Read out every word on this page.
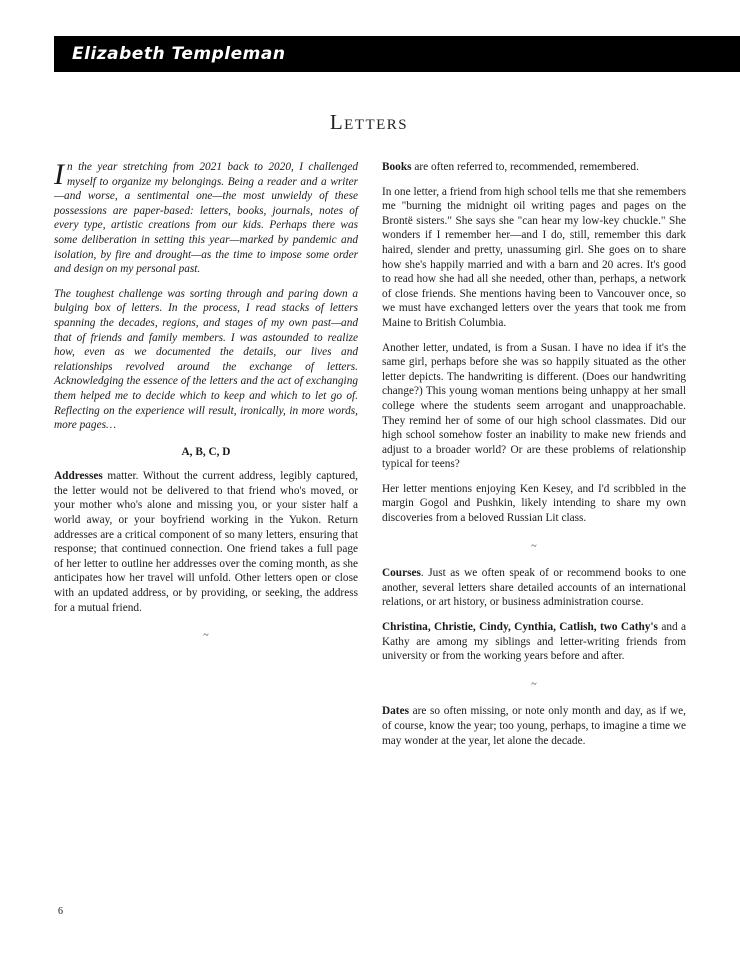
Elizabeth Templeman
Letters

In the year stretching from 2021 back to 2020, I challenged myself to organize my belongings. Being a reader and a writer—and worse, a sentimental one—the most unwieldy of these possessions are paper-based: letters, books, journals, notes of every type, artistic creations from our kids. Perhaps there was some deliberation in setting this year—marked by pandemic and isolation, by fire and drought—as the time to impose some order and design on my personal past.

The toughest challenge was sorting through and paring down a bulging box of letters. In the process, I read stacks of letters spanning the decades, regions, and stages of my own past—and that of friends and family members. I was astounded to realize how, even as we documented the details, our lives and relationships revolved around the exchange of letters. Acknowledging the essence of the letters and the act of exchanging them helped me to decide which to keep and which to let go of. Reflecting on the experience will result, ironically, in more words, more pages…

A, B, C, D

Addresses matter. Without the current address, legibly captured, the letter would not be delivered to that friend who's moved, or your mother who's alone and missing you, or your sister half a world away, or your boyfriend working in the Yukon. Return addresses are a critical component of so many letters, ensuring that response; that continued connection. One friend takes a full page of her letter to outline her addresses over the coming month, as she anticipates how her travel will unfold. Other letters open or close with an updated address, or by providing, or seeking, the address for a mutual friend.

~

Books are often referred to, recommended, remembered.

In one letter, a friend from high school tells me that she remembers me "burning the midnight oil writing pages and pages on the Brontë sisters." She says she "can hear my low-key chuckle." She wonders if I remember her—and I do, still, remember this dark haired, slender and pretty, unassuming girl. She goes on to share how she's happily married and with a barn and 20 acres. It's good to read how she had all she needed, other than, perhaps, a network of close friends. She mentions having been to Vancouver once, so we must have exchanged letters over the years that took me from Maine to British Columbia.

Another letter, undated, is from a Susan. I have no idea if it's the same girl, perhaps before she was so happily situated as the other letter depicts. The handwriting is different. (Does our handwriting change?) This young woman mentions being unhappy at her small college where the students seem arrogant and unapproachable. They remind her of some of our high school classmates. Did our high school somehow foster an inability to make new friends and adjust to a broader world? Or are these problems of relationship typical for teens?

Her letter mentions enjoying Ken Kesey, and I'd scribbled in the margin Gogol and Pushkin, likely intending to share my own discoveries from a beloved Russian Lit class.

~

Courses. Just as we often speak of or recommend books to one another, several letters share detailed accounts of an international relations, or art history, or business administration course.

Christina, Christie, Cindy, Cynthia, Catlish, two Cathy's and a Kathy are among my siblings and letter-writing friends from university or from the working years before and after.

~

Dates are so often missing, or note only month and day, as if we, of course, know the year; too young, perhaps, to imagine a time we may wonder at the year, let alone the decade.

6
